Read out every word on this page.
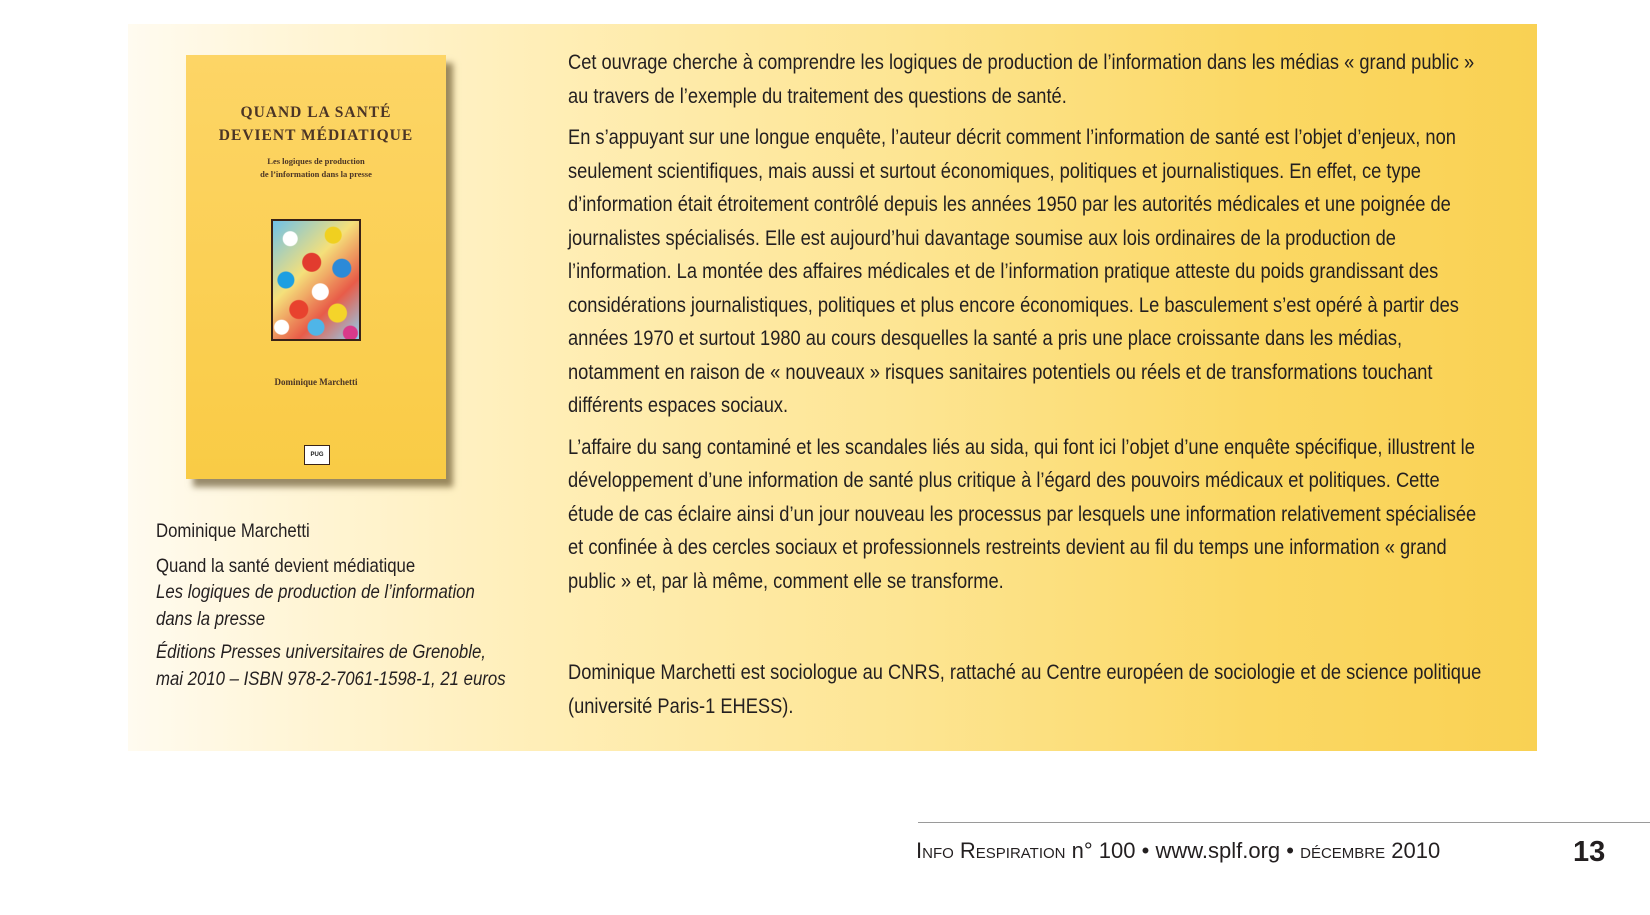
QUAND LA SANTÉ
DEVIENT MÉDIATIQUE
Les logiques de production
de l’information dans la presse
Dominique Marchetti
PUG
Dominique Marchetti
Quand la santé devient médiatique
Les logiques de production de l’information
dans la presse
Éditions Presses universitaires de Grenoble,
mai 2010 – ISBN 978-2-7061-1598-1, 21 euros

Cet ouvrage cherche à comprendre les logiques de production de l’information dans les médias « grand public » au travers de l’exemple du traitement des questions de santé.

En s’appuyant sur une longue enquête, l’auteur décrit comment l’information de santé est l’objet d’enjeux, non seulement scientifiques, mais aussi et surtout économiques, politiques et journalistiques. En effet, ce type d’information était étroitement contrôlé depuis les années 1950 par les autorités médicales et une poignée de journalistes spécialisés. Elle est aujourd’hui davantage soumise aux lois ordinaires de la production de l’information. La montée des affaires médicales et de l’information pratique atteste du poids grandissant des considérations journalistiques, politiques et plus encore économiques. Le basculement s’est opéré à partir des années 1970 et surtout 1980 au cours desquelles la santé a pris une place croissante dans les médias, notamment en raison de « nouveaux » risques sanitaires potentiels ou réels et de transformations touchant différents espaces sociaux.

L’affaire du sang contaminé et les scandales liés au sida, qui font ici l’objet d’une enquête spécifique, illustrent le développement d’une information de santé plus critique à l’égard des pouvoirs médicaux et politiques. Cette étude de cas éclaire ainsi d’un jour nouveau les processus par lesquels une information relativement spécialisée et confinée à des cercles sociaux et professionnels restreints devient au fil du temps une information « grand public » et, par là même, comment elle se transforme.

Dominique Marchetti est sociologue au CNRS, rattaché au Centre européen de sociologie et de science politique (université Paris-1 EHESS).

Info Respiration n° 100 • www.splf.org • décembre 2010	13
